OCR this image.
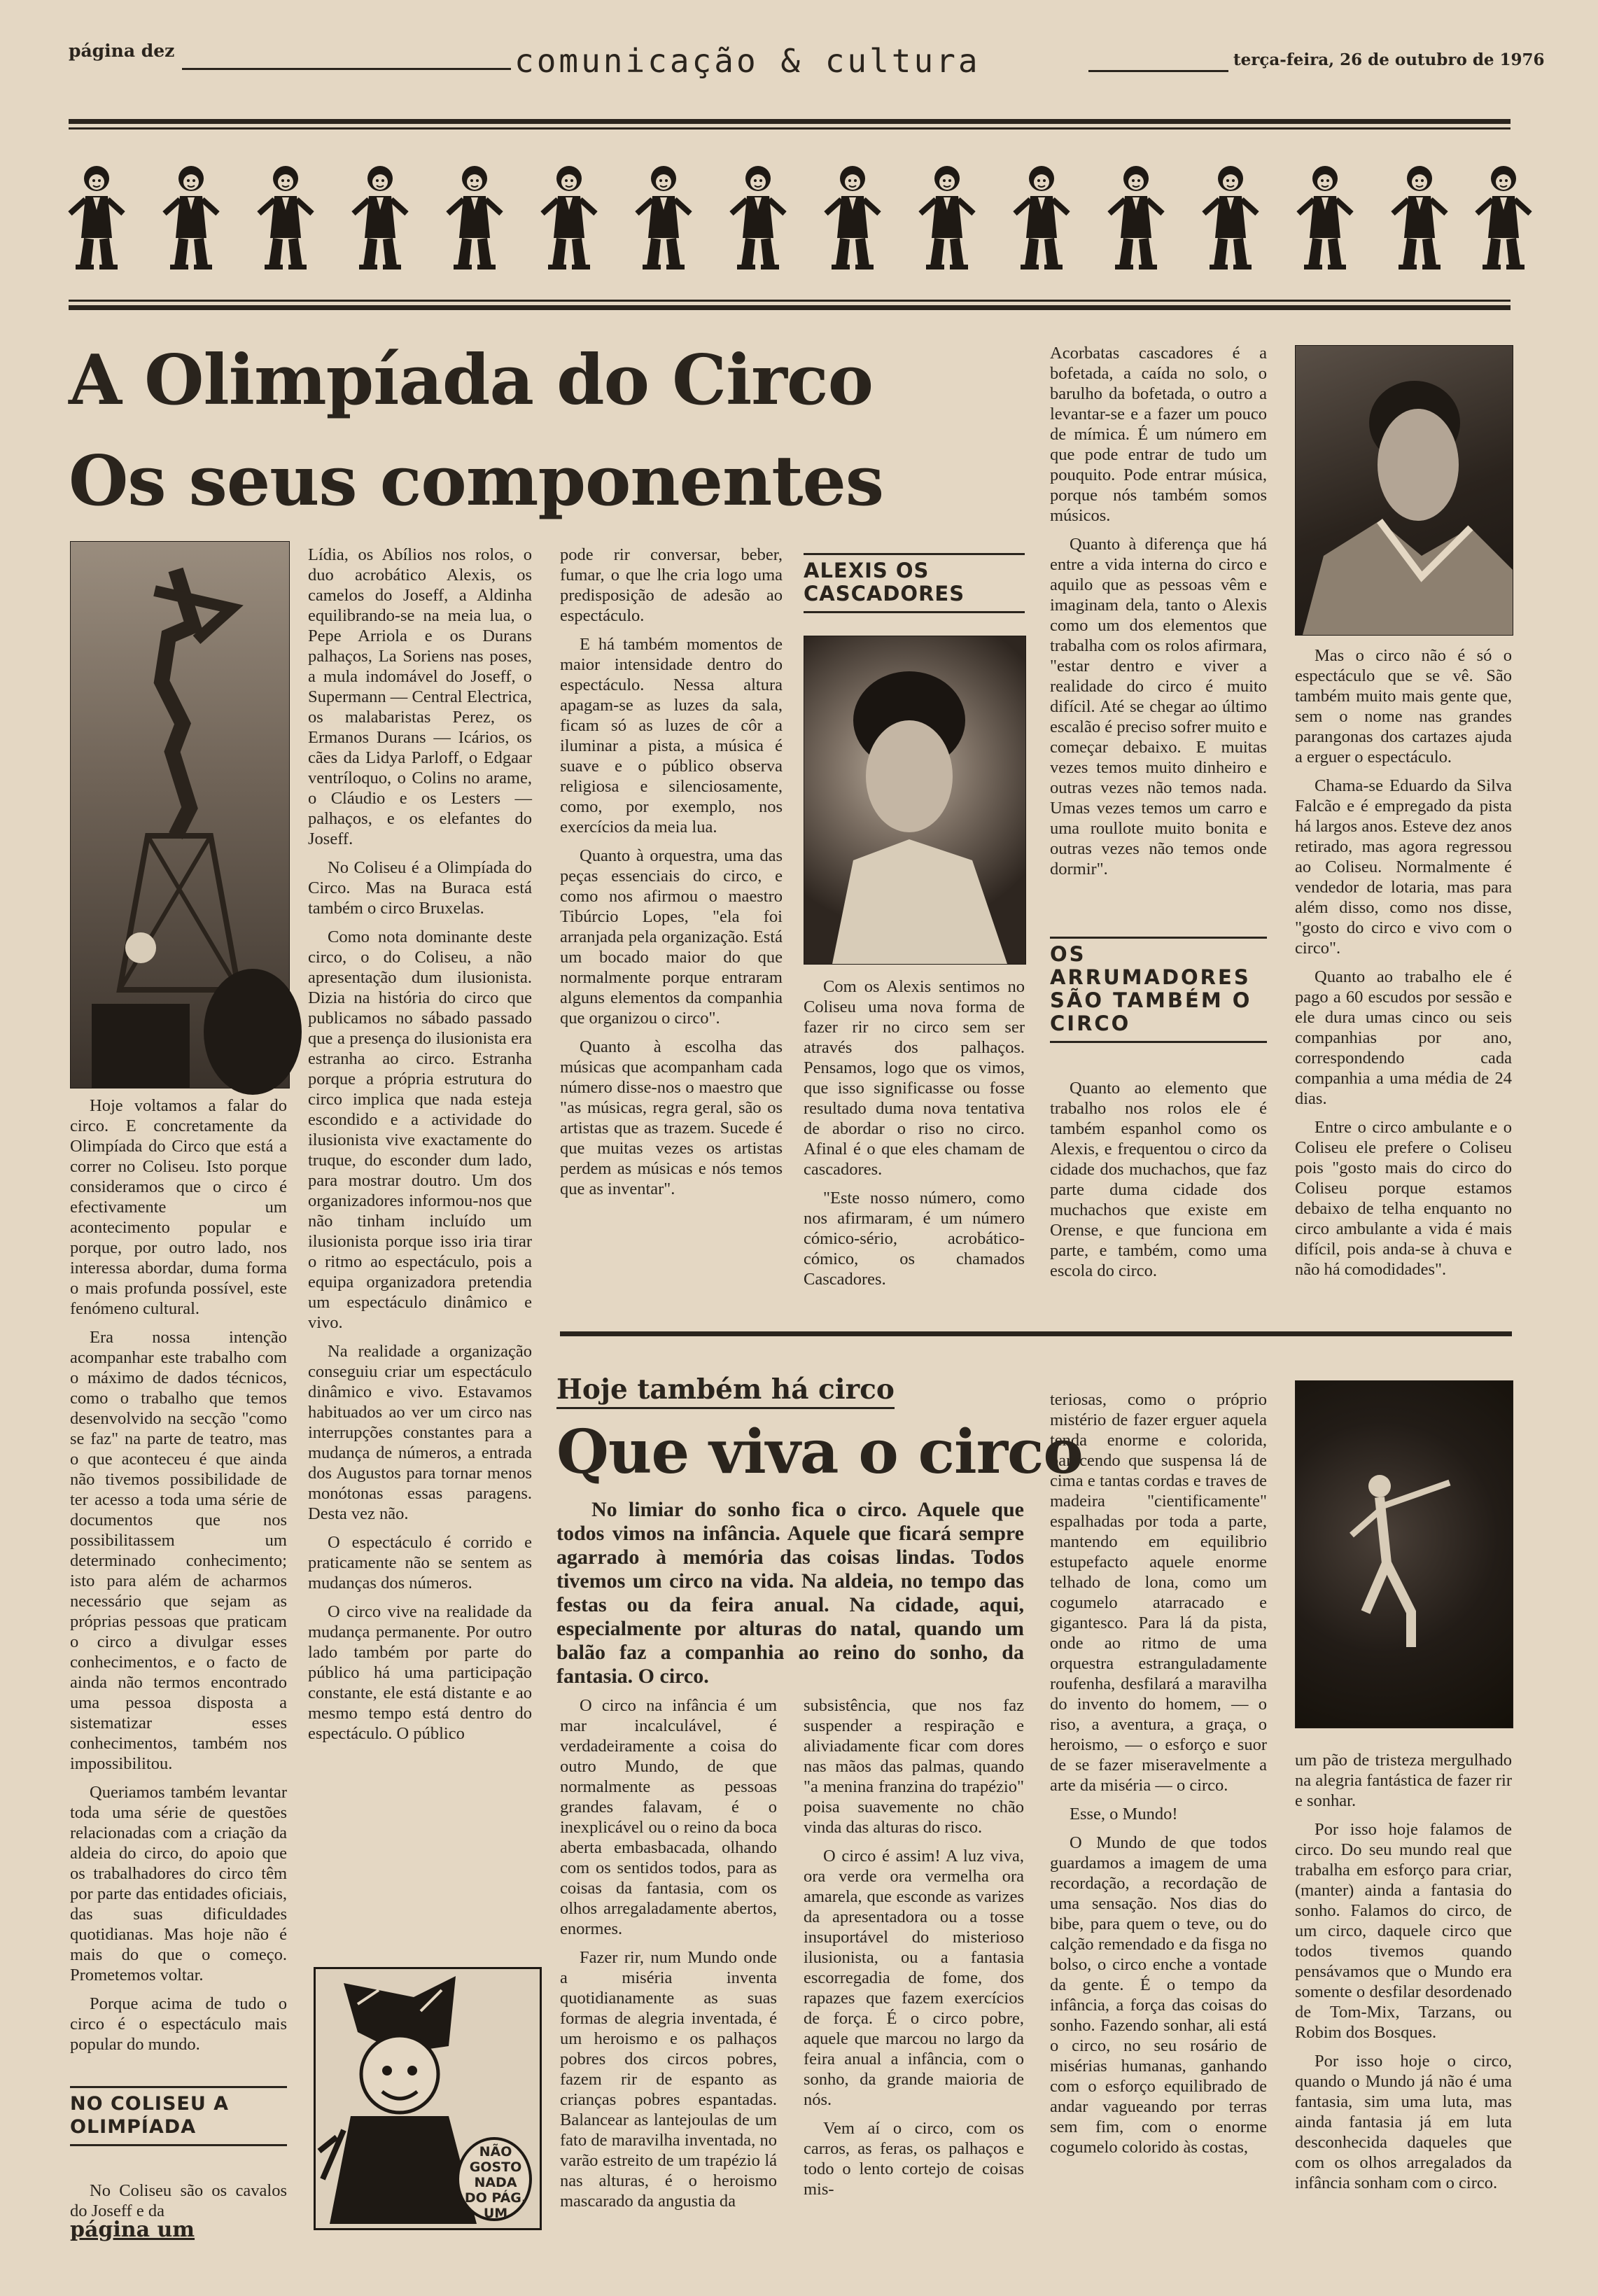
página dez	comunicação & cultura	terça-feira, 26 de outubro de 1976
A Olimpíada do Circo
Os seus componentes

Hoje voltamos a falar do circo. E concretamente da Olimpíada do Circo que está a correr no Coliseu. Isto porque consideramos que o circo é efectivamente um acontecimento popular e porque, por outro lado, nos interessa abordar, duma forma o mais profunda possível, este fenómeno cultural.

Era nossa intenção acompanhar este trabalho com o máximo de dados técnicos, como o trabalho que temos desenvolvido na secção "como se faz" na parte de teatro, mas o que aconteceu é que ainda não tivemos possibilidade de ter acesso a toda uma série de documentos que nos possibilitassem um determinado conhecimento; isto para além de acharmos necessário que sejam as próprias pessoas que praticam o circo a divulgar esses conhecimentos, e o facto de ainda não termos encontrado uma pessoa disposta a sistematizar esses conhecimentos, também nos impossibilitou.

Queriamos também levantar toda uma série de questões relacionadas com a criação da aldeia do circo, do apoio que os trabalhadores do circo têm por parte das entidades oficiais, das suas dificuldades quotidianas. Mas hoje não é mais do que o começo. Prometemos voltar.

Porque acima de tudo o circo é o espectáculo mais popular do mundo.

NO COLISEU A OLIMPÍADA

No Coliseu são os cavalos do Joseff e da

página um

Lídia, os Abílios nos rolos, o duo acrobático Alexis, os camelos do Joseff, a Aldinha equilibrando-se na meia lua, o Pepe Arriola e os Durans palhaços, La Soriens nas poses, a mula indomável do Joseff, o Supermann — Central Electrica, os malabaristas Perez, os Ermanos Durans — Icários, os cães da Lidya Parloff, o Edgaar ventríloquo, o Colins no arame, o Cláudio e os Lesters — palhaços, e os elefantes do Joseff.

No Coliseu é a Olimpíada do Circo. Mas na Buraca está também o circo Bruxelas.

Como nota dominante deste circo, o do Coliseu, a não apresentação dum ilusionista. Dizia na história do circo que publicamos no sábado passado que a presença do ilusionista era estranha ao circo. Estranha porque a própria estrutura do circo implica que nada esteja escondido e a actividade do ilusionista vive exactamente do truque, do esconder dum lado, para mostrar doutro. Um dos organizadores informou-nos que não tinham incluído um ilusionista porque isso iria tirar o ritmo ao espectáculo, pois a equipa organizadora pretendia um espectáculo dinâmico e vivo.

Na realidade a organização conseguiu criar um espectáculo dinâmico e vivo. Estavamos habituados ao ver um circo nas interrupções constantes para a mudança de números, a entrada dos Augustos para tornar menos monótonas essas paragens. Desta vez não.

O espectáculo é corrido e praticamente não se sentem as mudanças dos números.

O circo vive na realidade da mudança permanente. Por outro lado também por parte do público há uma participação constante, ele está distante e ao mesmo tempo está dentro do espectáculo. O público

NÃO GOSTO NADA DO PÁG. UM

pode rir conversar, beber, fumar, o que lhe cria logo uma predisposição de adesão ao espectáculo.

E há também momentos de maior intensidade dentro do espectáculo. Nessa altura apagam-se as luzes da sala, ficam só as luzes de côr a iluminar a pista, a música é suave e o público observa religiosa e silenciosamente, como, por exemplo, nos exercícios da meia lua.

Quanto à orquestra, uma das peças essenciais do circo, e como nos afirmou o maestro Tibúrcio Lopes, "ela foi arranjada pela organização. Está um bocado maior do que normalmente porque entraram alguns elementos da companhia que organizou o circo".

Quanto à escolha das músicas que acompanham cada número disse-nos o maestro que "as músicas, regra geral, são os artistas que as trazem. Sucede é que muitas vezes os artistas perdem as músicas e nós temos que as inventar".

ALEXIS OS CASCADORES

Com os Alexis sentimos no Coliseu uma nova forma de fazer rir no circo sem ser através dos palhaços. Pensamos, logo que os vimos, que isso significasse ou fosse resultado duma nova tentativa de abordar o riso no circo. Afinal é o que eles chamam de cascadores.

"Este nosso número, como nos afirmaram, é um número cómico-sério, acrobático-cómico, os chamados Cascadores.

Acorbatas cascadores é a bofetada, a caída no solo, o barulho da bofetada, o outro a levantar-se e a fazer um pouco de mímica. É um número em que pode entrar de tudo um pouquito. Pode entrar música, porque nós também somos músicos.

Quanto à diferença que há entre a vida interna do circo e aquilo que as pessoas vêm e imaginam dela, tanto o Alexis como um dos elementos que trabalha com os rolos afirmara, "estar dentro e viver a realidade do circo é muito difícil. Até se chegar ao último escalão é preciso sofrer muito e começar debaixo. E muitas vezes temos muito dinheiro e outras vezes não temos nada. Umas vezes temos um carro e uma roullote muito bonita e outras vezes não temos onde dormir".

OS ARRUMADORES SÃO TAMBÉM O CIRCO

Quanto ao elemento que trabalho nos rolos ele é também espanhol como os Alexis, e frequentou o circo da cidade dos muchachos, que faz parte duma cidade dos muchachos que existe em Orense, e que funciona em parte, e também, como uma escola do circo.

Mas o circo não é só o espectáculo que se vê. São também muito mais gente que, sem o nome nas grandes parangonas dos cartazes ajuda a erguer o espectáculo.

Chama-se Eduardo da Silva Falcão e é empregado da pista há largos anos. Esteve dez anos retirado, mas agora regressou ao Coliseu. Normalmente é vendedor de lotaria, mas para além disso, como nos disse, "gosto do circo e vivo com o circo".

Quanto ao trabalho ele é pago a 60 escudos por sessão e ele dura umas cinco ou seis companhias por ano, correspondendo cada companhia a uma média de 24 dias.

Entre o circo ambulante e o Coliseu ele prefere o Coliseu pois "gosto mais do circo do Coliseu porque estamos debaixo de telha enquanto no circo ambulante a vida é mais difícil, pois anda-se à chuva e não há comodidades".

Hoje também há circo
Que viva o circo
No limiar do sonho fica o circo. Aquele que todos vimos na infância. Aquele que ficará sempre agarrado à memória das coisas lindas. Todos tivemos um circo na vida. Na aldeia, no tempo das festas ou da feira anual. Na cidade, aqui, especialmente por alturas do natal, quando um balão faz a companhia ao reino do sonho, da fantasia. O circo.

O circo na infância é um mar incalculável, é verdadeiramente a coisa do outro Mundo, de que normalmente as pessoas grandes falavam, é o inexplicável ou o reino da boca aberta embasbacada, olhando com os sentidos todos, para as coisas da fantasia, com os olhos arregaladamente abertos, enormes.

Fazer rir, num Mundo onde a miséria inventa quotidianamente as suas formas de alegria inventada, é um heroismo e os palhaços pobres dos circos pobres, fazem rir de espanto as crianças pobres espantadas. Balancear as lantejoulas de um fato de maravilha inventada, no varão estreito de um trapézio lá nas alturas, é o heroismo mascarado da angustia da

subsistência, que nos faz suspender a respiração e aliviadamente ficar com dores nas mãos das palmas, quando "a menina franzina do trapézio" poisa suavemente no chão vinda das alturas do risco.

O circo é assim! A luz viva, ora verde ora vermelha ora amarela, que esconde as varizes da apresentadora ou a tosse insuportável do misterioso ilusionista, ou a fantasia escorregadia de fome, dos rapazes que fazem exercícios de força. É o circo pobre, aquele que marcou no largo da feira anual a infância, com o sonho, da grande maioria de nós.

Vem aí o circo, com os carros, as feras, os palhaços e todo o lento cortejo de coisas mis-

teriosas, como o próprio mistério de fazer erguer aquela tenda enorme e colorida, parecendo que suspensa lá de cima e tantas cordas e traves de madeira "cientificamente" espalhadas por toda a parte, mantendo em equilibrio estupefacto aquele enorme telhado de lona, como um cogumelo atarracado e gigantesco. Para lá da pista, onde ao ritmo de uma orquestra estranguladamente roufenha, desfilará a maravilha do invento do homem, — o riso, a aventura, a graça, o heroismo, — o esforço e suor de se fazer miseravelmente a arte da miséria — o circo.

Esse, o Mundo!

O Mundo de que todos guardamos a imagem de uma recordação, a recordação de uma sensação. Nos dias do bibe, para quem o teve, ou do calção remendado e da fisga no bolso, o circo enche a vontade da gente. É o tempo da infância, a força das coisas do sonho. Fazendo sonhar, ali está o circo, no seu rosário de misérias humanas, ganhando com o esforço equilibrado de andar vagueando por terras sem fim, com o enorme cogumelo colorido às costas,

um pão de tristeza mergulhado na alegria fantástica de fazer rir e sonhar.

Por isso hoje falamos de circo. Do seu mundo real que trabalha em esforço para criar, (manter) ainda a fantasia do sonho. Falamos do circo, de um circo, daquele circo que todos tivemos quando pensávamos que o Mundo era somente o desfilar desordenado de Tom-Mix, Tarzans, ou Robim dos Bosques.

Por isso hoje o circo, quando o Mundo já não é uma fantasia, sim uma luta, mas ainda fantasia já em luta desconhecida daqueles que com os olhos arregalados da infância sonham com o circo.
